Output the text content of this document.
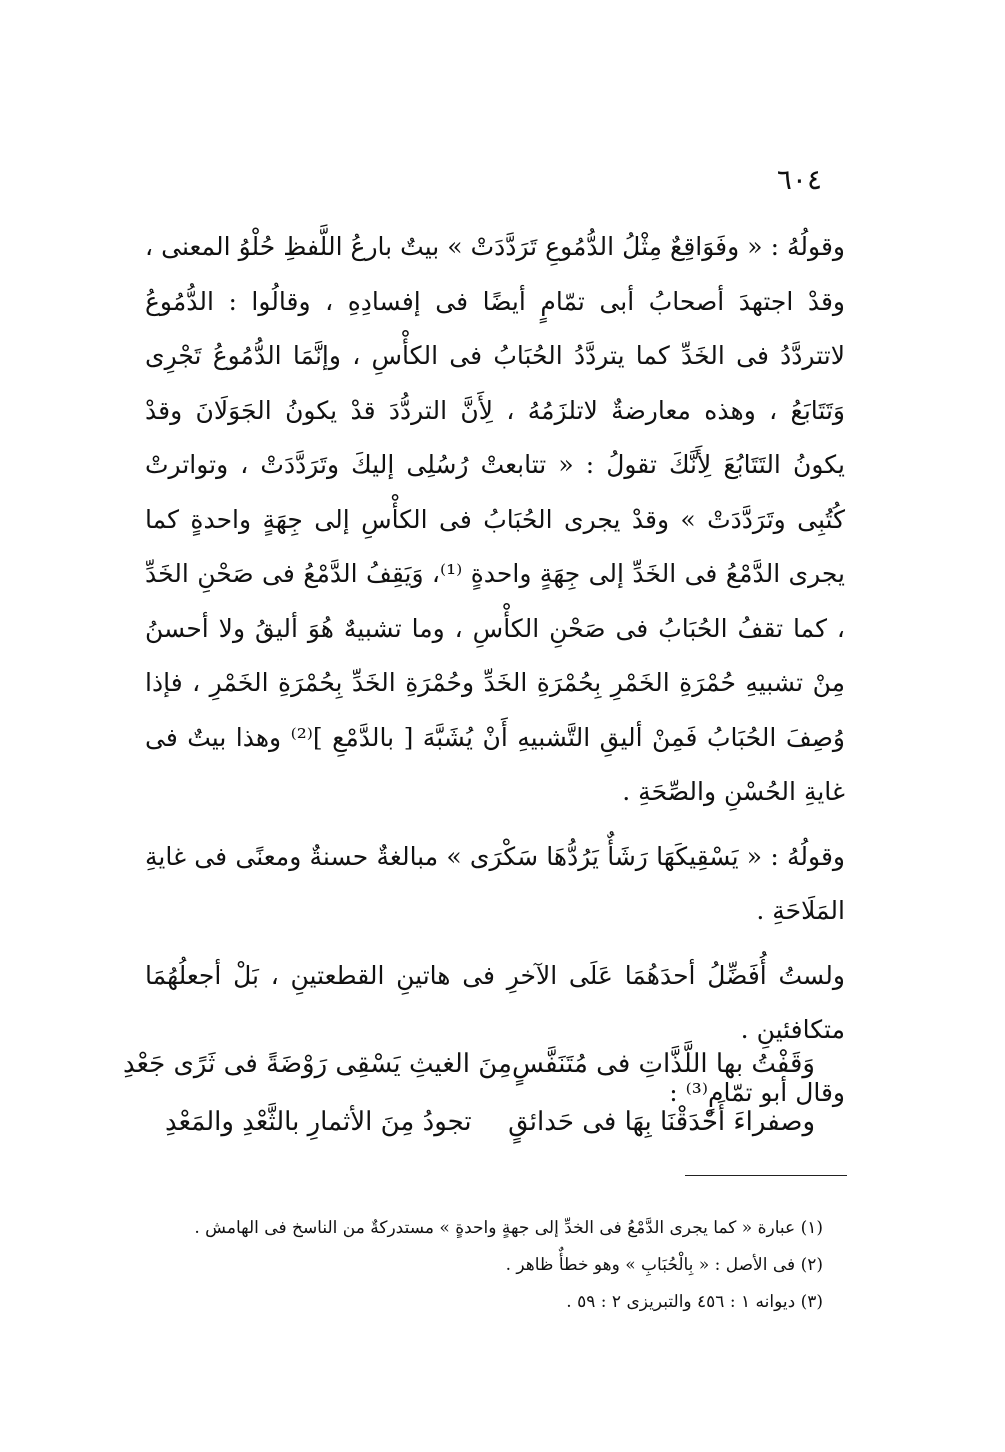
٦٠٤

وقولُهُ : « وفَوَاقِعٌ مِثْلُ الدُّمُوعِ تَرَدَّدَتْ » بيتٌ بارعُ اللَّفظِ حُلْوُ المعنى ، وقدْ اجتهدَ أصحابُ أبى تمّامٍ أيضًا فى إفسادِهِ ، وقالُوا : الدُّمُوعُ لاتتردَّدُ فى الخَدِّ كما يتردَّدُ الحُبَابُ فى الكأْسِ ، وإنَّمَا الدُّمُوعُ تَجْرِى وَتَتَابَعُ ، وهذه معارضةٌ لاتلزَمُهُ ، لِأَنَّ التردُّدَ قدْ يكونُ الجَوَلَانَ وقدْ يكونُ التَتَابُعَ لِأَنَّكَ تقولُ : « تتابعتْ رُسُلِى إليكَ وتَرَدَّدَتْ ، وتواترتْ كُتُبِى وتَرَدَّدَتْ » وقدْ يجرى الحُبَابُ فى الكأْسِ إلى جِهَةٍ واحدةٍ كما يجرى الدَّمْعُ فى الخَدِّ إلى جِهَةٍ واحدةٍ ⁽¹⁾، وَيَقِفُ الدَّمْعُ فى صَحْنِ الخَدِّ ، كما تقفُ الحُبَابُ فى صَحْنِ الكأْسِ ، وما تشبيهٌ هُوَ أليقُ ولا أحسنُ مِنْ تشبيهِ حُمْرَةِ الخَمْرِ بِحُمْرَةِ الخَدِّ وحُمْرَةِ الخَدِّ بِحُمْرَةِ الخَمْرِ ، فإذا وُصِفَ الحُبَابُ فَمِنْ أليقِ التَّشبيهِ أَنْ يُشَبَّهَ [ بالدَّمْعِ ]⁽²⁾ وهذا بيتٌ فى غايةِ الحُسْنِ والصِّحَةِ .

وقولُهُ : « يَسْقِيكَهَا رَشَأٌ يَرُدُّهَا سَكْرَى » مبالغةٌ حسنةٌ ومعنًى فى غايةِ المَلَاحَةِ .

ولستُ أُفَضِّلُ أحدَهُمَا عَلَى الآخرِ فى هاتينِ القطعتينِ ، بَلْ أجعلُهُمَا متكافئينِ .

وقال أبو تمّامٍ⁽³⁾ :

وَقَفْتُ بها اللَّذَّاتِ فى مُتَنَفَّسٍ
مِنَ الغيثِ يَسْقِى رَوْضَةً فى ثَرًى جَعْدِ
وصفراءَ أَحْدَقْنَا بِهَا فى حَدائقٍ
تجودُ مِنَ الأثمارِ بالثَّعْدِ والمَعْدِ

(١) عبارة « كما يجرى الدَّمْعُ فى الخدِّ إلى جهةٍ واحدةٍ » مستدركةٌ من الناسخ فى الهامش .

(٢) فى الأصل : « بِالْحُبَابِ » وهو خطأٌ ظاهر .

(٣) ديوانه ١ : ٤٥٦ والتبريزى ٢ : ٥٩ .
